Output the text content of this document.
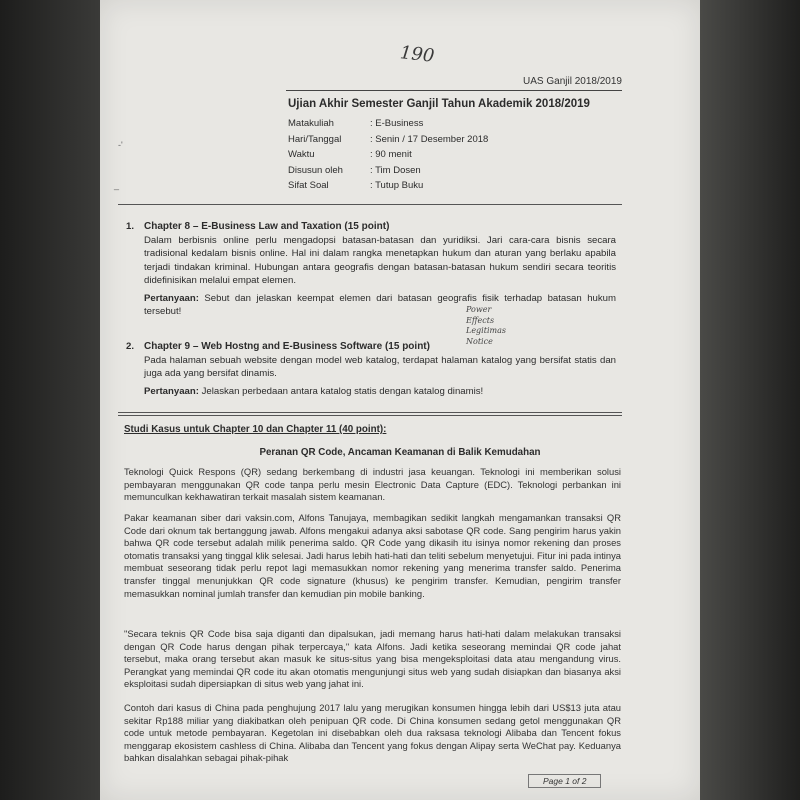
190
UAS Ganjil 2018/2019
Ujian Akhir Semester Ganjil Tahun Akademik 2018/2019
Matakuliah	: E-Business
Hari/Tanggal	: Senin / 17 Desember 2018
Waktu	: 90 menit
Disusun oleh	: Tim Dosen
Sifat Soal	: Tutup Buku
-'
_
1. Chapter 8 – E-Business Law and Taxation (15 point)
Dalam berbisnis online perlu mengadopsi batasan-batasan dan yuridiksi. Jari cara-cara bisnis secara tradisional kedalam bisnis online. Hal ini dalam rangka menetapkan hukum dan aturan yang berlaku apabila terjadi tindakan kriminal. Hubungan antara geografis dengan batasan-batasan hukum sendiri secara teoritis didefinisikan melalui empat elemen.
Pertanyaan: Sebut dan jelaskan keempat elemen dari batasan geografis fisik terhadap batasan hukum tersebut!	Power
Effects
Legitimas
Notice
2. Chapter 9 – Web Hostng and E-Business Software (15 point)
Pada halaman sebuah website dengan model web katalog, terdapat halaman katalog yang bersifat statis dan juga ada yang bersifat dinamis.
Pertanyaan: Jelaskan perbedaan antara katalog statis dengan katalog dinamis!
Studi Kasus untuk Chapter 10 dan Chapter 11 (40 point):
Peranan QR Code, Ancaman Keamanan di Balik Kemudahan
Teknologi Quick Respons (QR) sedang berkembang di industri jasa keuangan. Teknologi ini memberikan solusi pembayaran menggunakan QR code tanpa perlu mesin Electronic Data Capture (EDC). Teknologi perbankan ini memunculkan kekhawatiran terkait masalah sistem keamanan.
Pakar keamanan siber dari vaksin.com, Alfons Tanujaya, membagikan sedikit langkah mengamankan transaksi QR Code dari oknum tak bertanggung jawab. Alfons mengakui adanya aksi sabotase QR code. Sang pengirim harus yakin bahwa QR code tersebut adalah milik penerima saldo. QR Code yang dikasih itu isinya nomor rekening dan proses otomatis transaksi yang tinggal klik selesai. Jadi harus lebih hati-hati dan teliti sebelum menyetujui. Fitur ini pada intinya membuat seseorang tidak perlu repot lagi memasukkan nomor rekening yang menerima transfer saldo. Penerima transfer tinggal menunjukkan QR code signature (khusus) ke pengirim transfer. Kemudian, pengirim transfer memasukkan nominal jumlah transfer dan kemudian pin mobile banking.
"Secara teknis QR Code bisa saja diganti dan dipalsukan, jadi memang harus hati-hati dalam melakukan transaksi dengan QR Code harus dengan pihak terpercaya," kata Alfons. Jadi ketika seseorang memindai QR code jahat tersebut, maka orang tersebut akan masuk ke situs-situs yang bisa mengeksploitasi data atau mengandung virus. Perangkat yang memindai QR code itu akan otomatis mengunjungi situs web yang sudah disiapkan dan biasanya aksi eksploitasi sudah dipersiapkan di situs web yang jahat ini.
Contoh dari kasus di China pada penghujung 2017 lalu yang merugikan konsumen hingga lebih dari US$13 juta atau sekitar Rp188 miliar yang diakibatkan oleh penipuan QR code. Di China konsumen sedang getol menggunakan QR code untuk metode pembayaran. Kegetolan ini disebabkan oleh dua raksasa teknologi Alibaba dan Tencent fokus menggarap ekosistem cashless di China. Alibaba dan Tencent yang fokus dengan Alipay serta WeChat pay. Keduanya bahkan disalahkan sebagai pihak-pihak
Page 1 of 2
